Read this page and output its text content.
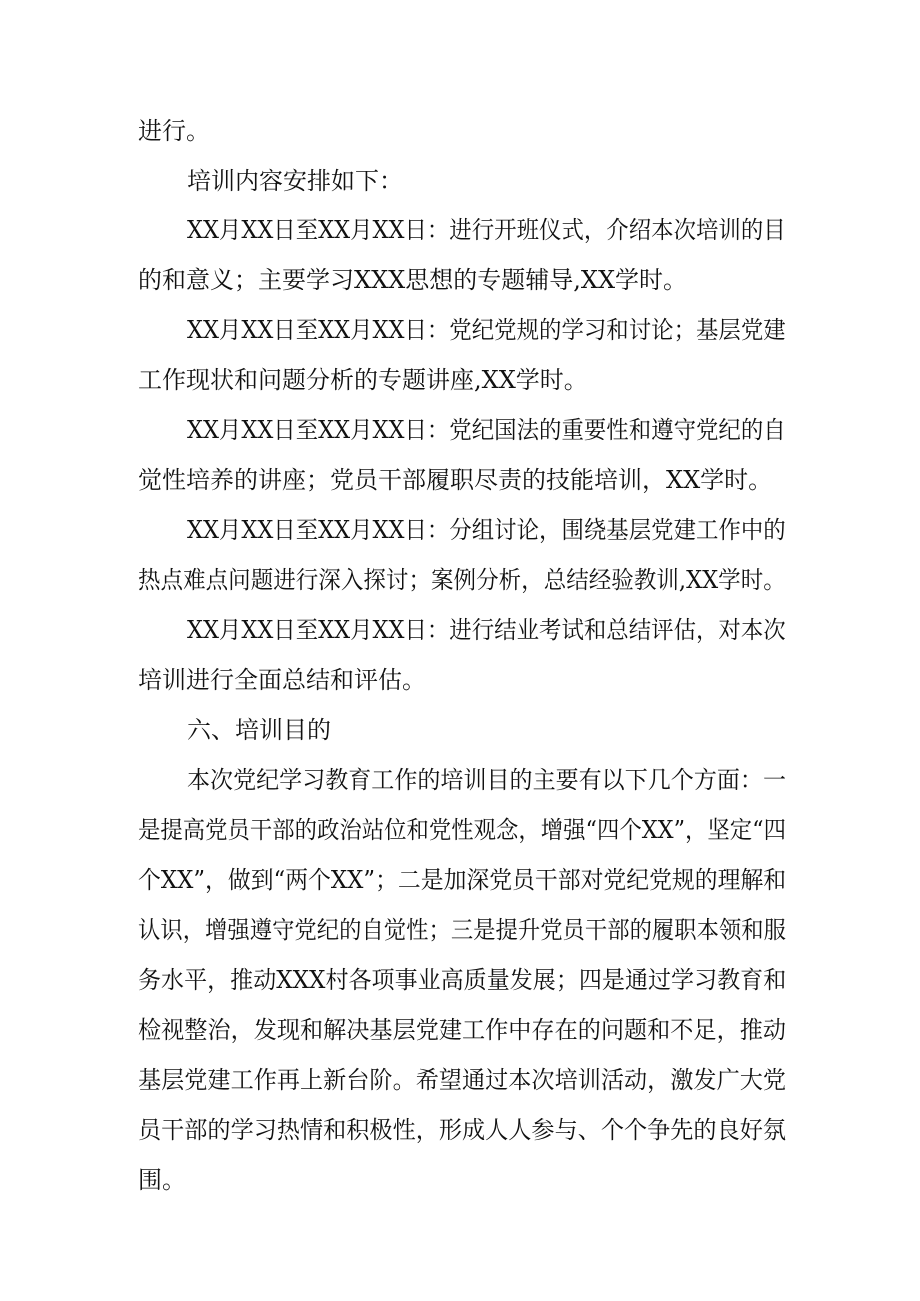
进行。
培训内容安排如下：
XX月XX日至XX月XX日：进行开班仪式，介绍本次培训的目
的和意义；主要学习XXX思想的专题辅导,XX学时。
XX月XX日至XX月XX日：党纪党规的学习和讨论；基层党建
工作现状和问题分析的专题讲座,XX学时。
XX月XX日至XX月XX日：党纪国法的重要性和遵守党纪的自
觉性培养的讲座；党员干部履职尽责的技能培训，XX学时。
XX月XX日至XX月XX日：分组讨论，围绕基层党建工作中的
热点难点问题进行深入探讨；案例分析，总结经验教训,XX学时。
XX月XX日至XX月XX日：进行结业考试和总结评估，对本次
培训进行全面总结和评估。
六、培训目的
本次党纪学习教育工作的培训目的主要有以下几个方面：一
是提高党员干部的政治站位和党性观念，增强“四个XX”，坚定“四
个XX”，做到“两个XX”；二是加深党员干部对党纪党规的理解和
认识，增强遵守党纪的自觉性；三是提升党员干部的履职本领和服
务水平，推动XXX村各项事业高质量发展；四是通过学习教育和
检视整治，发现和解决基层党建工作中存在的问题和不足，推动
基层党建工作再上新台阶。希望通过本次培训活动，激发广大党
员干部的学习热情和积极性，形成人人参与、个个争先的良好氛
围。
